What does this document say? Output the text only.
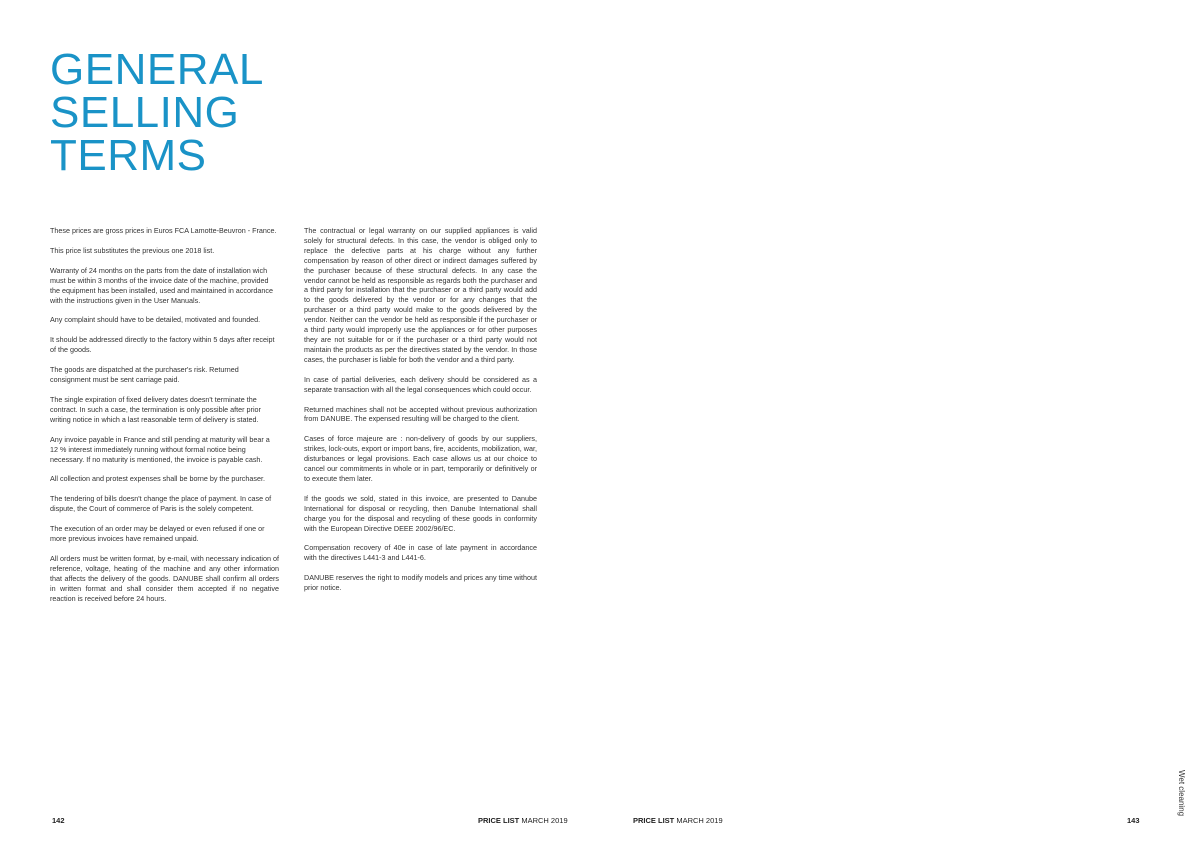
GENERAL
SELLING
TERMS

These prices are gross prices in Euros FCA Lamotte-Beuvron - France.

This price list substitutes the previous one 2018 list.

Warranty of 24 months on the parts from the date of installation wich must be within 3 months of the invoice date of the machine, provided the equipment has been installed, used and maintained in accordance with the instructions given in the User Manuals.

Any complaint should have to be detailed, motivated and founded.

It should be addressed directly to the factory within 5 days after receipt of the goods.

The goods are dispatched at the purchaser's risk. Returned consignment must be sent carriage paid.

The single expiration of fixed delivery dates doesn't terminate the contract. In such a case, the termination is only possible after prior writing notice in which a last reasonable term of delivery is stated.

Any invoice payable in France and still pending at maturity will bear a 12 % interest immediately running without formal notice being necessary. If no maturity is mentioned, the invoice is payable cash.

All collection and protest expenses shall be borne by the purchaser.

The tendering of bills doesn't change the place of payment. In case of dispute, the Court of commerce of Paris is the solely competent.

The execution of an order may be delayed or even refused if one or more previous invoices have remained unpaid.

All orders must be written format, by e-mail, with necessary indication of reference, voltage, heating of the machine and any other information that affects the delivery of the goods. DANUBE shall confirm all orders in written format and shall consider them accepted if no negative reaction is received before 24 hours.

The contractual or legal warranty on our supplied appliances is valid solely for structural defects. In this case, the vendor is obliged only to replace the defective parts at his charge without any further compensation by reason of other direct or indirect damages suffered by the purchaser because of these structural defects. In any case the vendor cannot be held as responsible as regards both the purchaser and a third party for installation that the purchaser or a third party would add to the goods delivered by the vendor or for any changes that the purchaser or a third party would make to the goods delivered by the vendor. Neither can the vendor be held as responsible if the purchaser or a third party would improperly use the appliances or for other purposes they are not suitable for or if the purchaser or a third party would not maintain the products as per the directives stated by the vendor. In those cases, the purchaser is liable for both the vendor and a third party.

In case of partial deliveries, each delivery should be considered as a separate transaction with all the legal consequences which could occur.

Returned machines shall not be accepted without previous authorization from DANUBE. The expensed resulting will be charged to the client.

Cases of force majeure are : non-delivery of goods by our suppliers, strikes, lock-outs, export or import bans, fire, accidents, mobilization, war, disturbances or legal provisions. Each case allows us at our choice to cancel our commitments in whole or in part, temporarily or definitively or to execute them later.

If the goods we sold, stated in this invoice, are presented to Danube International for disposal or recycling, then Danube International shall charge you for the disposal and recycling of these goods in conformity with the European Directive DEEE 2002/96/EC.

Compensation recovery of 40e in case of late payment in accordance with the directives L441-3 and L441-6.

DANUBE reserves the right to modify models and prices any time without prior notice.

142	PRICE LIST MARCH 2019	PRICE LIST MARCH 2019	143
Wet cleaning
